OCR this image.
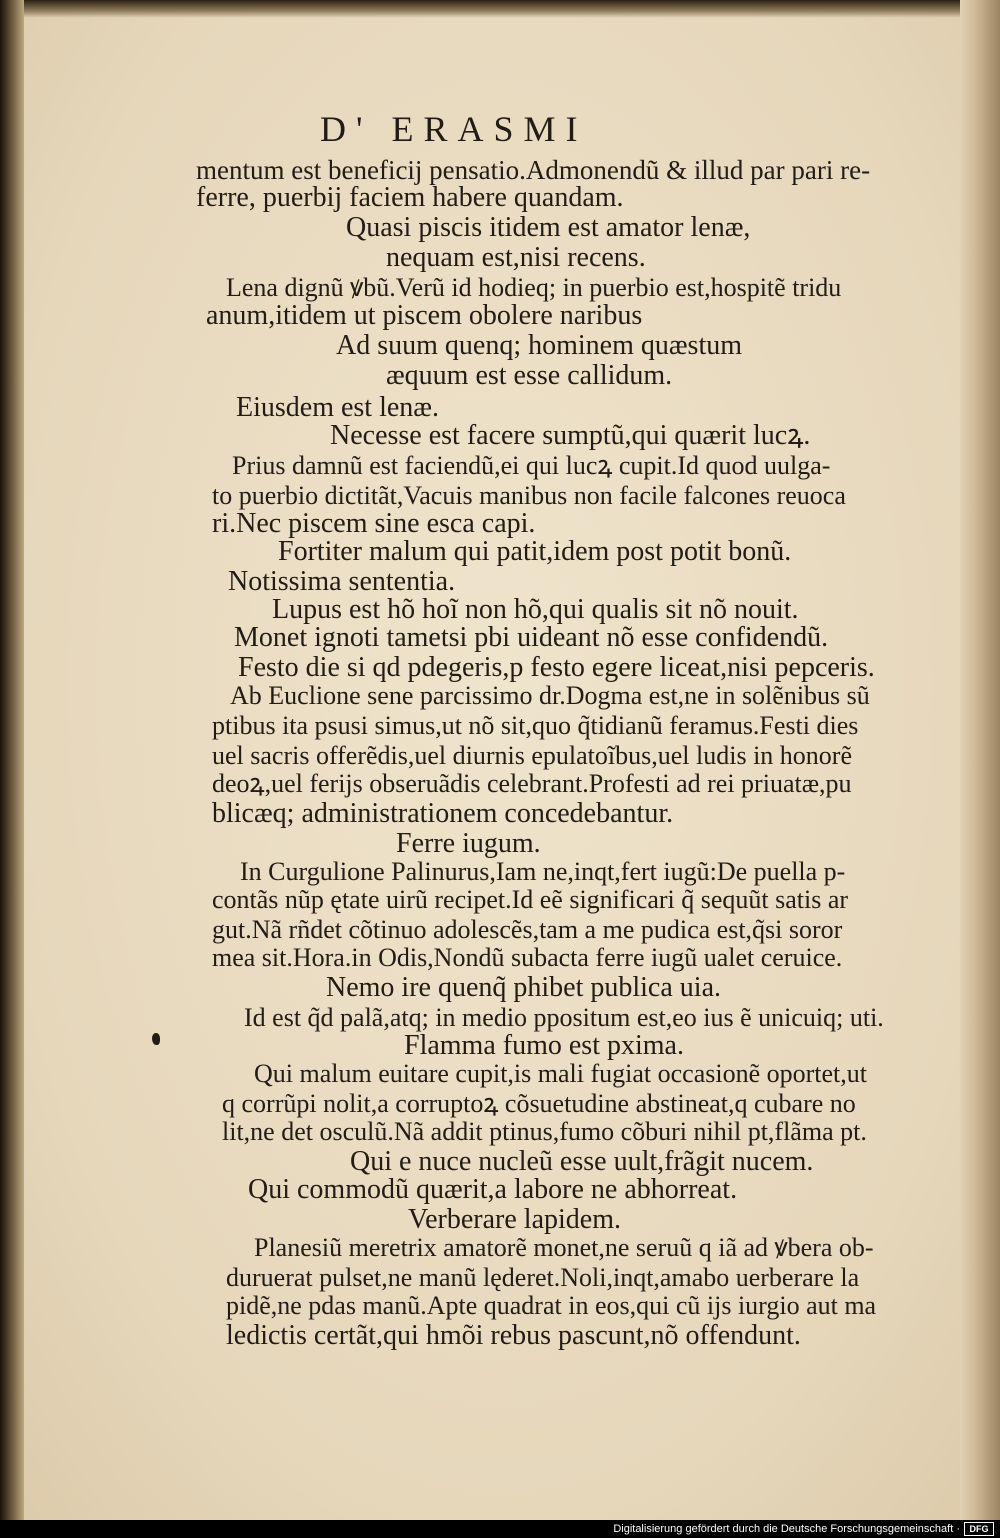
D' ERASMI
mentum est beneficij pensatio.Admonendũ & illud par pari re-
ferre, puerbij faciem habere quandam.
Quasi piscis itidem est amator lenæ,
nequam est,nisi recens.
Lena dignũ ꝟbũ.Verũ id hodieq; in puerbio est,hospitẽ tridu
anum,itidem ut piscem obolere naribus
Ad suum quenq; hominem quæstum
æquum est esse callidum.
Eiusdem est lenæ.
Necesse est facere sumptũ,qui quærit lucꝝ.
Prius damnũ est faciendũ,ei qui lucꝝ cupit.Id quod uulga-
to puerbio dictitãt,Vacuis manibus non facile falcones reuoca
ri.Nec piscem sine esca capi.
Fortiter malum qui patit,idem post potit bonũ.
Notissima sententia.
Lupus est hõ hoĩ non hõ,qui qualis sit nõ nouit.
Monet ignoti tametsi pbi uideant nõ esse confidendũ.
Festo die si qd pdegeris,p festo egere liceat,nisi pepceris.
Ab Euclione sene parcissimo dr.Dogma est,ne in solẽnibus sũ
ptibus ita psusi simus,ut nõ sit,quo q̃tidianũ feramus.Festi dies
uel sacris offerẽdis,uel diurnis epulatoĩbus,uel ludis in honorẽ
deoꝝ,uel ferijs obseruãdis celebrant.Profesti ad rei priuatæ,pu
blicæq; administrationem concedebantur.
Ferre iugum.
In Curgulione Palinurus,Iam ne,inqt,fert iugũ:De puella p-
contãs nũp ętate uirũ recipet.Id eẽ significari q̃ sequũt satis ar
gut.Nã rñdet cõtinuo adolescẽs,tam a me pudica est,q̃si soror
mea sit.Hora.in Odis,Nondũ subacta ferre iugũ ualet ceruice.
Nemo ire quenq̃ phibet publica uia.
Id est q̃d palã,atq; in medio ppositum est,eo ius ẽ unicuiq; uti.
Flamma fumo est pxima.
Qui malum euitare cupit,is mali fugiat occasionẽ oportet,ut
q corrũpi nolit,a corruptoꝝ cõsuetudine abstineat,q cubare no
lit,ne det osculũ.Nã addit ptinus,fumo cõburi nihil pt,flãma pt.
Qui e nuce nucleũ esse uult,frãgit nucem.
Qui commodũ quærit,a labore ne abhorreat.
Verberare lapidem.
Planesiũ meretrix amatorẽ monet,ne seruũ q iã ad ꝟbera ob-
duruerat pulset,ne manũ lęderet.Noli,inqt,amabo uerberare la
pidẽ,ne pdas manũ.Apte quadrat in eos,qui cũ ijs iurgio aut ma
ledictis certãt,qui hmõi rebus pascunt,nõ offendunt.
Digitalisierung gefördert durch die Deutsche Forschungsgemeinschaft ·	DFG
